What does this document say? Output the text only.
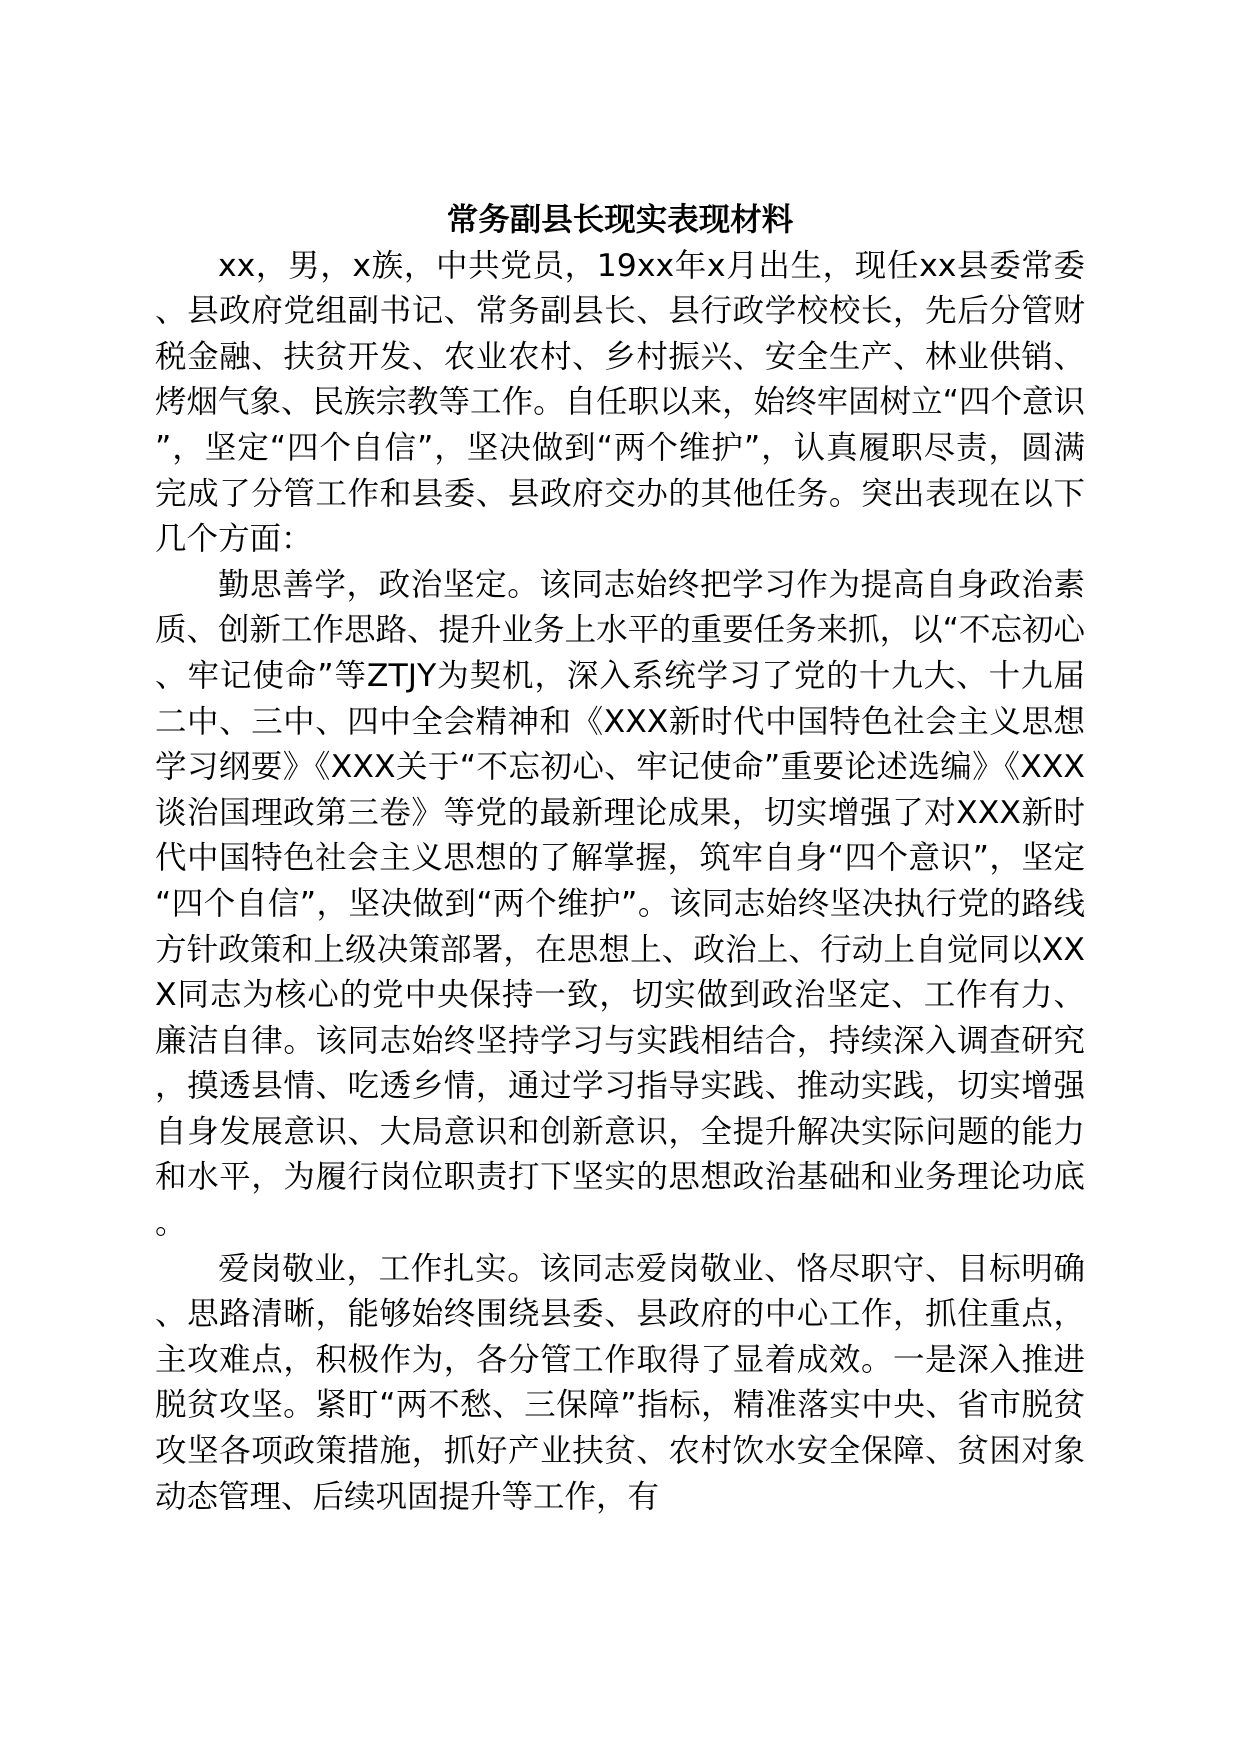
常务副县长现实表现材料

xx，男，x族，中共党员，19xx年x月出生，现任xx县委常委、县政府党组副书记、常务副县长、县行政学校校长，先后分管财税金融、扶贫开发、农业农村、乡村振兴、安全生产、林业供销、烤烟气象、民族宗教等工作。自任职以来，始终牢固树立“四个意识”，坚定“四个自信”，坚决做到“两个维护”，认真履职尽责，圆满完成了分管工作和县委、县政府交办的其他任务。突出表现在以下几个方面：

勤思善学，政治坚定。该同志始终把学习作为提高自身政治素质、创新工作思路、提升业务上水平的重要任务来抓，以“不忘初心、牢记使命”等ZTJY为契机，深入系统学习了党的十九大、十九届二中、三中、四中全会精神和《XXX新时代中国特色社会主义思想学习纲要》《XXX关于“不忘初心、牢记使命”重要论述选编》《XXX谈治国理政第三卷》等党的最新理论成果，切实增强了对XXX新时代中国特色社会主义思想的了解掌握，筑牢自身“四个意识”，坚定“四个自信”，坚决做到“两个维护”。该同志始终坚决执行党的路线方针政策和上级决策部署，在思想上、政治上、行动上自觉同以XXX同志为核心的党中央保持一致，切实做到政治坚定、工作有力、廉洁自律。该同志始终坚持学习与实践相结合，持续深入调查研究，摸透县情、吃透乡情，通过学习指导实践、推动实践，切实增强自身发展意识、大局意识和创新意识，全提升解决实际问题的能力和水平，为履行岗位职责打下坚实的思想政治基础和业务理论功底。

爱岗敬业，工作扎实。该同志爱岗敬业、恪尽职守、目标明确、思路清晰，能够始终围绕县委、县政府的中心工作，抓住重点，主攻难点，积极作为，各分管工作取得了显着成效。一是深入推进脱贫攻坚。紧盯“两不愁、三保障”指标，精准落实中央、省市脱贫攻坚各项政策措施，抓好产业扶贫、农村饮水安全保障、贫困对象动态管理、后续巩固提升等工作，有
